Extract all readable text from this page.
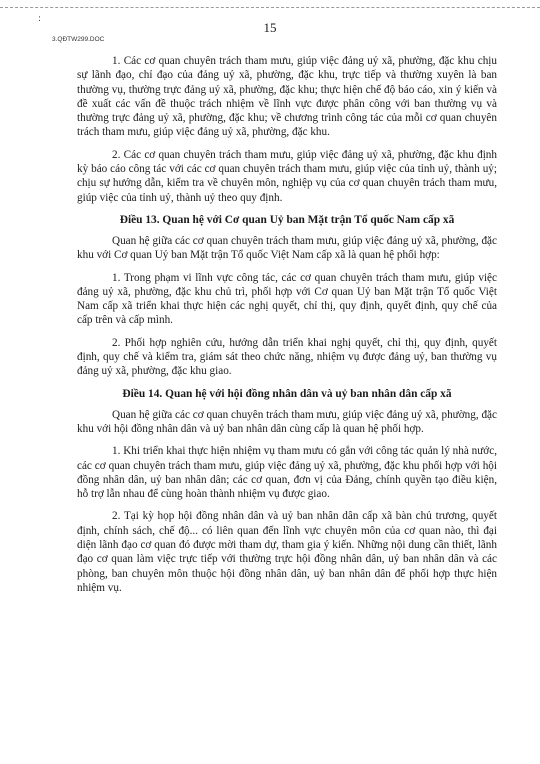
:
15
3.QĐTW299.DOC

1. Các cơ quan chuyên trách tham mưu, giúp việc đảng uỷ xã, phường, đặc khu chịu sự lãnh đạo, chỉ đạo của đảng uỷ xã, phường, đặc khu, trực tiếp và thường xuyên là ban thường vụ, thường trực đảng uỷ xã, phường, đặc khu; thực hiện chế độ báo cáo, xin ý kiến và đề xuất các vấn đề thuộc trách nhiệm về lĩnh vực được phân công với ban thường vụ và thường trực đảng uỷ xã, phường, đặc khu; về chương trình công tác của mỗi cơ quan chuyên trách tham mưu, giúp việc đảng uỷ xã, phường, đặc khu.

2. Các cơ quan chuyên trách tham mưu, giúp việc đảng uỷ xã, phường, đặc khu định kỳ báo cáo công tác với các cơ quan chuyên trách tham mưu, giúp việc của tỉnh uỷ, thành uỷ; chịu sự hướng dẫn, kiểm tra về chuyên môn, nghiệp vụ của cơ quan chuyên trách tham mưu, giúp việc của tỉnh uỷ, thành uỷ theo quy định.

Điều 13. Quan hệ với Cơ quan Uỷ ban Mặt trận Tổ quốc Nam cấp xã

Quan hệ giữa các cơ quan chuyên trách tham mưu, giúp việc đảng uỷ xã, phường, đặc khu với Cơ quan Uỷ ban Mặt trận Tổ quốc Việt Nam cấp xã là quan hệ phối hợp:

1. Trong phạm vi lĩnh vực công tác, các cơ quan chuyên trách tham mưu, giúp việc đảng uỷ xã, phường, đặc khu chủ trì, phối hợp với Cơ quan Uỷ ban Mặt trận Tổ quốc Việt Nam cấp xã triển khai thực hiện các nghị quyết, chỉ thị, quy định, quyết định, quy chế của cấp trên và cấp mình.

2. Phối hợp nghiên cứu, hướng dẫn triển khai nghị quyết, chỉ thị, quy định, quyết định, quy chế và kiểm tra, giám sát theo chức năng, nhiệm vụ được đảng uỷ, ban thường vụ đảng uỷ xã, phường, đặc khu giao.

Điều 14. Quan hệ với hội đồng nhân dân và uỷ ban nhân dân cấp xã

Quan hệ giữa các cơ quan chuyên trách tham mưu, giúp việc đảng uỷ xã, phường, đặc khu với hội đồng nhân dân và uỷ ban nhân dân cùng cấp là quan hệ phối hợp.

1. Khi triển khai thực hiện nhiệm vụ tham mưu có gắn với công tác quản lý nhà nước, các cơ quan chuyên trách tham mưu, giúp việc đảng uỷ xã, phường, đặc khu phối hợp với hội đồng nhân dân, uỷ ban nhân dân; các cơ quan, đơn vị của Đảng, chính quyền tạo điều kiện, hỗ trợ lẫn nhau để cùng hoàn thành nhiệm vụ được giao.

2. Tại kỳ họp hội đồng nhân dân và uỷ ban nhân dân cấp xã bàn chủ trương, quyết định, chính sách, chế độ... có liên quan đến lĩnh vực chuyên môn của cơ quan nào, thì đại diện lãnh đạo cơ quan đó được mời tham dự, tham gia ý kiến. Những nội dung cần thiết, lãnh đạo cơ quan làm việc trực tiếp với thường trực hội đồng nhân dân, uỷ ban nhân dân và các phòng, ban chuyên môn thuộc hội đồng nhân dân, uỷ ban nhân dân để phối hợp thực hiện nhiệm vụ.
